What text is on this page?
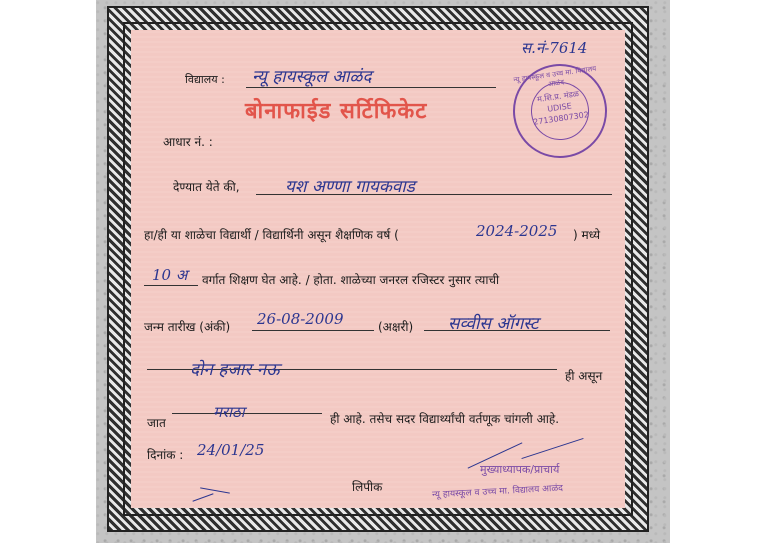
स.नं-7614
विद्यालय : न्यू हायस्कूल आळंद
बोनाफाईड सर्टिफिकेट
आधार नं. :
न्यू हायस्कूल व उच्च मा. विद्यालय आळंद
म.शि.प्र. मंडळ UDISE 27130807302
देण्यात येते की,	यश अण्णा गायकवाड
हा/ही या शाळेचा विद्यार्थी / विद्यार्थिनी असून शैक्षणिक वर्ष (	2024-2025 ) मध्ये
10 अ वर्गात शिक्षण घेत आहे. / होता. शाळेच्या जनरल रजिस्टर नुसार त्याची
जन्म तारीख (अंकी) 26-08-2009	(अक्षरी) सव्वीस ऑगस्ट
दोन हजार नऊ	ही असून
जात
मराठा	ही आहे. तसेच सदर विद्यार्थ्यांची वर्तणूक चांगली आहे.
दिनांक : 24/01/25
लिपीक
मुख्याध्यापक/प्राचार्य
न्यू हायस्कूल व उच्च मा. विद्यालय आळंद
